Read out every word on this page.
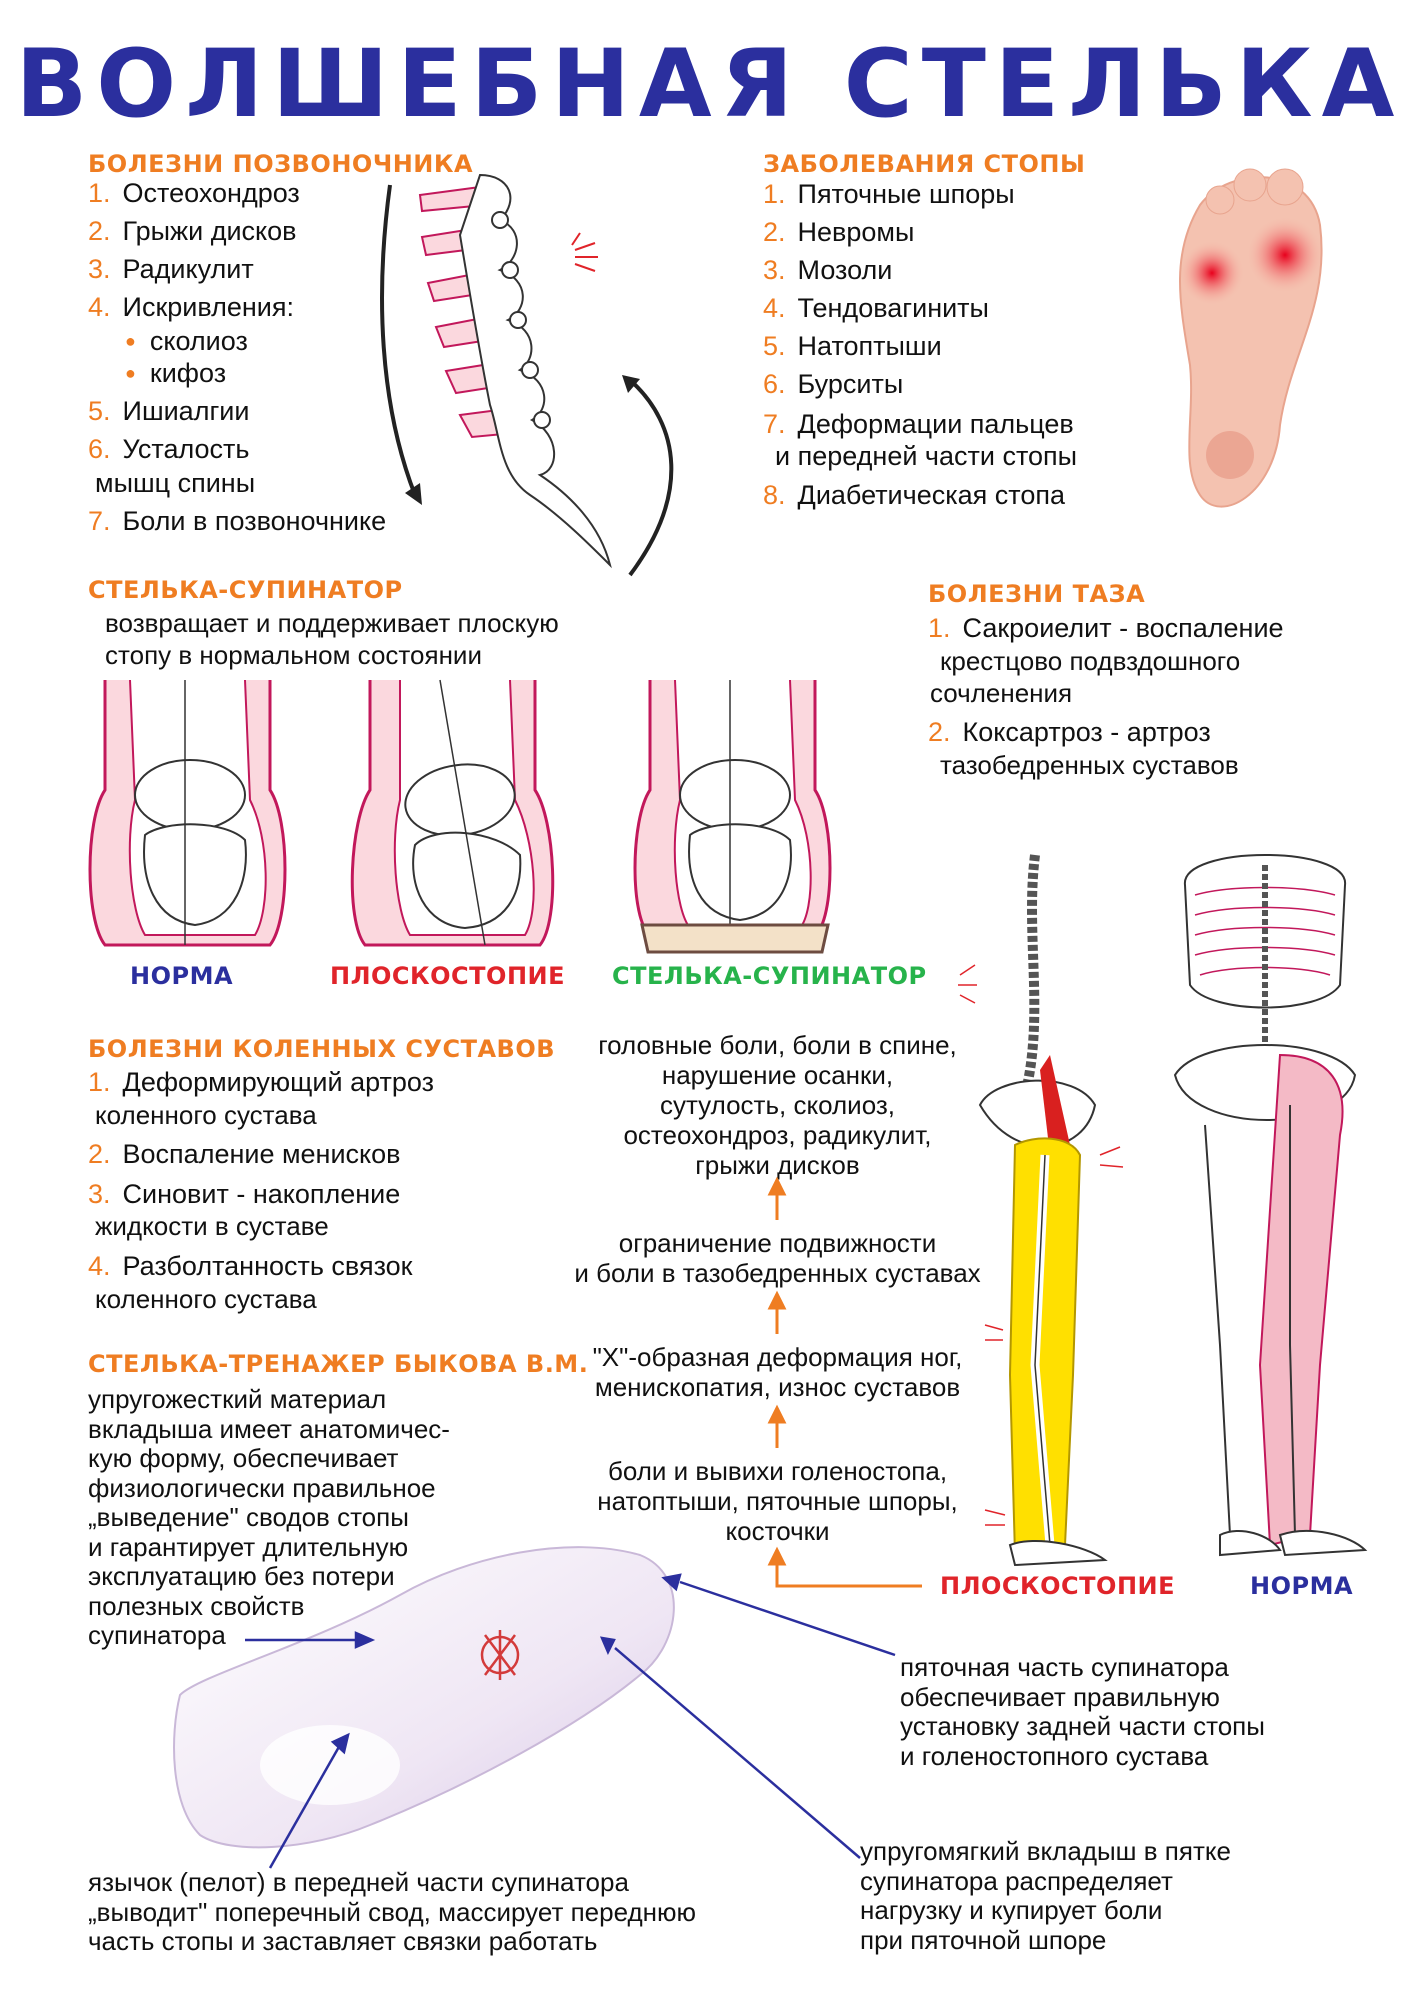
ВОЛШЕБНАЯ СТЕЛЬКА
БОЛЕЗНИ ПОЗВОНОЧНИКА
1. Остеохондроз
2. Грыжи дисков
3. Радикулит
4. Искривления:
● сколиоз
● кифоз
5. Ишиалгии
6. Усталость
мышц спины
7. Боли в позвоночнике
ЗАБОЛЕВАНИЯ СТОПЫ
1. Пяточные шпоры
2. Невромы
3. Мозоли
4. Тендовагиниты
5. Натоптыши
6. Бурситы
7. Деформации пальцев
и передней части стопы
8. Диабетическая стопа
СТЕЛЬКА-СУПИНАТОР
возвращает и поддерживает плоскую
стопу в нормальном состоянии
НОРМА	ПЛОСКОСТОПИЕ СТЕЛЬКА-СУПИНАТОР
БОЛЕЗНИ ТАЗА
1. Сакроиелит - воспаление
крестцово подвздошного
сочленения
2. Коксартроз - артроз
тазобедренных суставов
БОЛЕЗНИ КОЛЕННЫХ СУСТАВОВ
1. Деформирующий артроз
коленного сустава
2. Воспаление менисков
3. Синовит - накопление
жидкости в суставе
4. Разболтанность связок
коленного сустава
головные боли, боли в спине,
нарушение осанки,
сутулость, сколиоз,
остеохондроз, радикулит,
грыжи дисков
ограничение подвижности
и боли в тазобедренных суставах
"Х"-образная деформация ног,
менископатия, износ суставов
боли и вывихи голеностопа,
натоптыши, пяточные шпоры,
косточки
ПЛОСКОСТОПИЕ	НОРМА
СТЕЛЬКА-ТРЕНАЖЕР БЫКОВА В.М.
упругожесткий материал
вкладыша имеет анатомичес-
кую форму, обеспечивает
физиологически правильное
„выведение" сводов стопы
и гарантирует длительную
эксплуатацию без потери
полезных свойств
супинатора
пяточная часть супинатора
обеспечивает правильную
установку задней части стопы
и голеностопного сустава
упругомягкий вкладыш в пятке
супинатора распределяет
нагрузку и купирует боли
при пяточной шпоре
язычок (пелот) в передней части супинатора
„выводит" поперечный свод, массирует переднюю
часть стопы и заставляет связки работать
